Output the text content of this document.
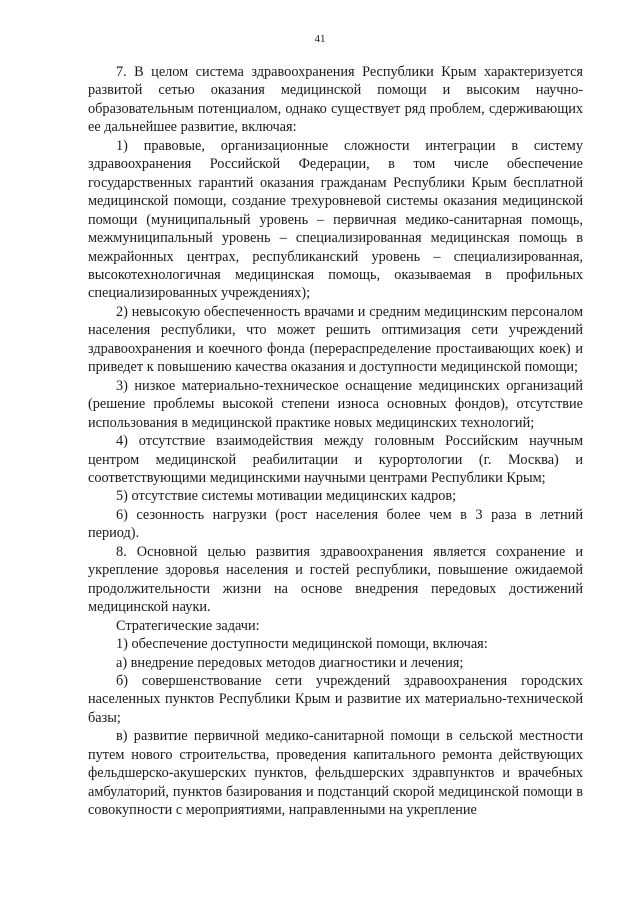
41

7. В целом система здравоохранения Республики Крым характеризуется развитой сетью оказания медицинской помощи и высоким научно-образовательным потенциалом, однако существует ряд проблем, сдерживающих ее дальнейшее развитие, включая:

1) правовые, организационные сложности интеграции в систему здравоохранения Российской Федерации, в том числе обеспечение государственных гарантий оказания гражданам Республики Крым бесплатной медицинской помощи, создание трехуровневой системы оказания медицинской помощи (муниципальный уровень – первичная медико-санитарная помощь, межмуниципальный уровень – специализированная медицинская помощь в межрайонных центрах, республиканский уровень – специализированная, высокотехнологичная медицинская помощь, оказываемая в профильных специализированных учреждениях);

2) невысокую обеспеченность врачами и средним медицинским персоналом населения республики, что может решить оптимизация сети учреждений здравоохранения и коечного фонда (перераспределение простаивающих коек) и приведет к повышению качества оказания и доступности медицинской помощи;

3) низкое материально-техническое оснащение медицинских организаций (решение проблемы высокой степени износа основных фондов), отсутствие использования в медицинской практике новых медицинских технологий;

4) отсутствие взаимодействия между головным Российским научным центром медицинской реабилитации и курортологии (г. Москва) и соответствующими медицинскими научными центрами Республики Крым;

5) отсутствие системы мотивации медицинских кадров;

6) сезонность нагрузки (рост населения более чем в 3 раза в летний период).

8. Основной целью развития здравоохранения является сохранение и укрепление здоровья населения и гостей республики, повышение ожидаемой продолжительности жизни на основе внедрения передовых достижений медицинской науки.

Стратегические задачи:

1) обеспечение доступности медицинской помощи, включая:

а) внедрение передовых методов диагностики и лечения;

б) совершенствование сети учреждений здравоохранения городских населенных пунктов Республики Крым и развитие их материально-технической базы;

в) развитие первичной медико-санитарной помощи в сельской местности путем нового строительства, проведения капитального ремонта действующих фельдшерско-акушерских пунктов, фельдшерских здравпунктов и врачебных амбулаторий, пунктов базирования и подстанций скорой медицинской помощи в совокупности с мероприятиями, направленными на укрепление
